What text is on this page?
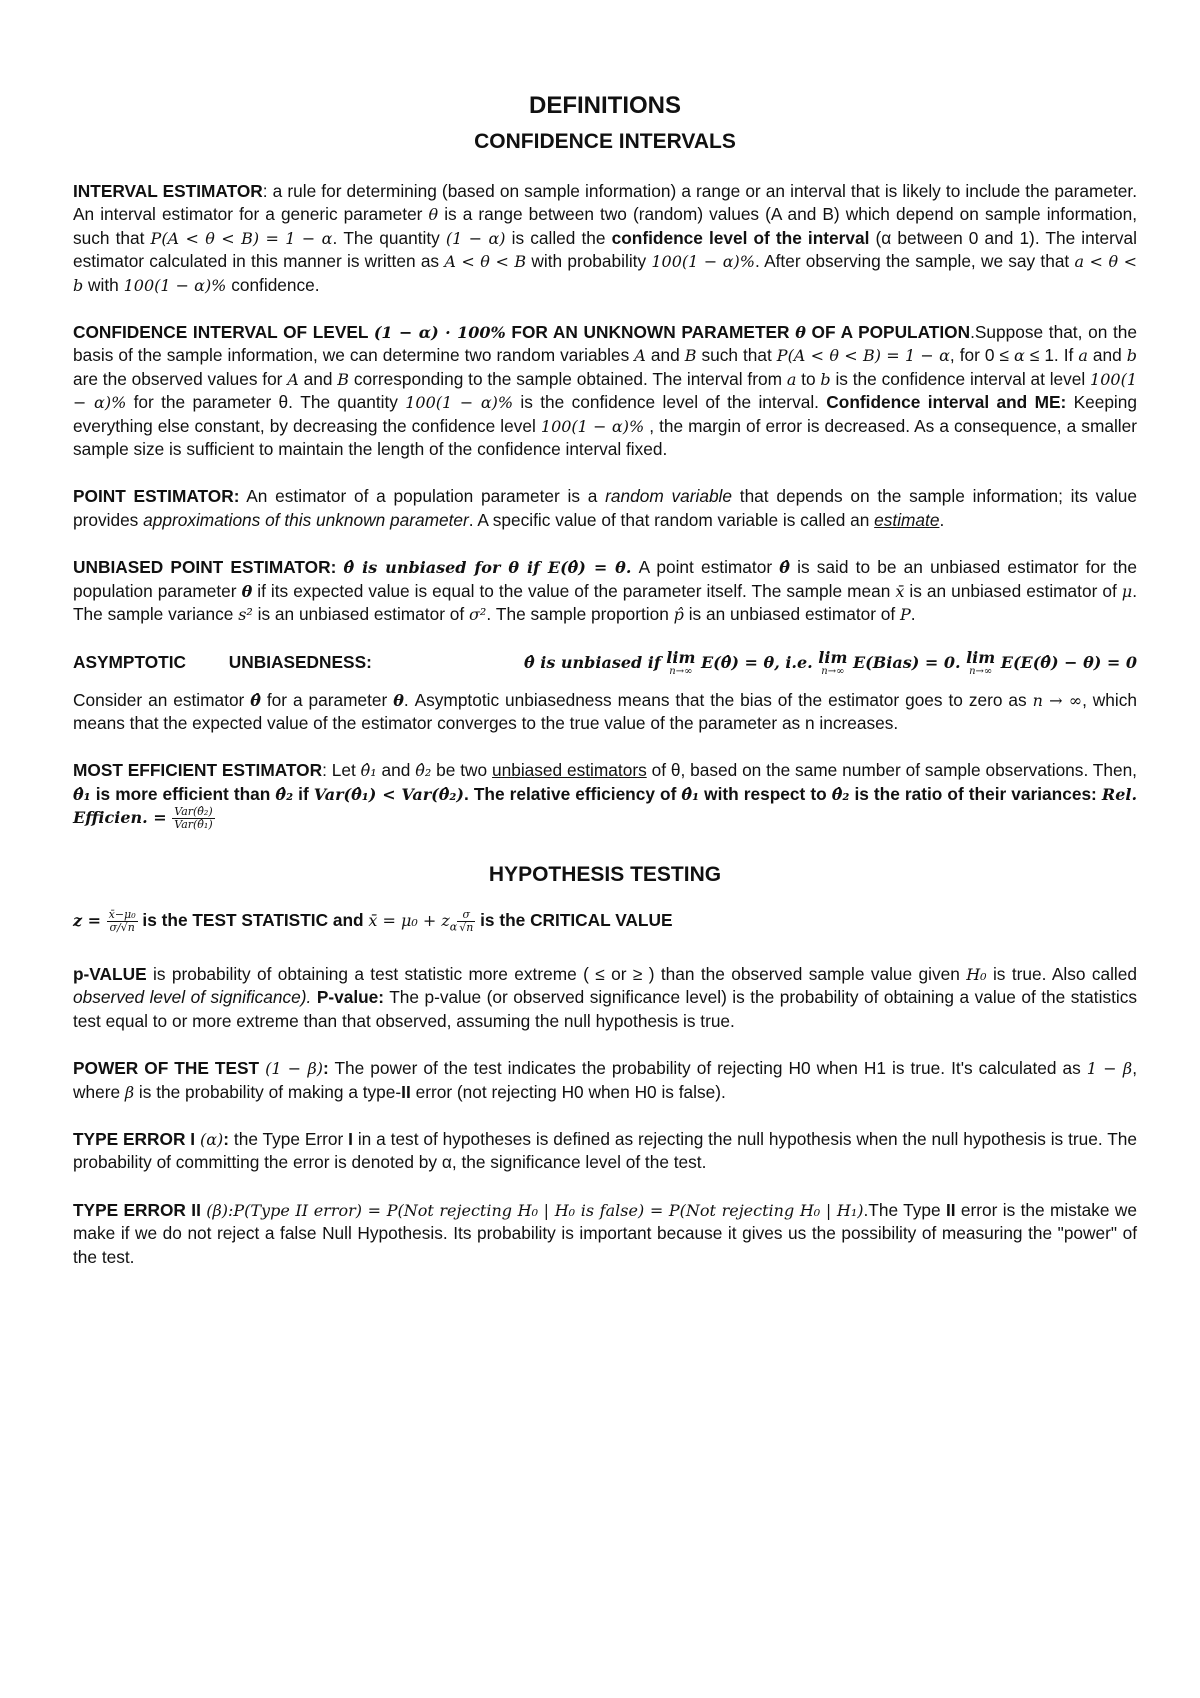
DEFINITIONS
CONFIDENCE INTERVALS

INTERVAL ESTIMATOR: a rule for determining (based on sample information) a range or an interval that is likely to include the parameter. An interval estimator for a generic parameter θ is a range between two (random) values (A and B) which depend on sample information, such that P(A < θ < B) = 1 − α. The quantity (1 − α) is called the confidence level of the interval (α between 0 and 1). The interval estimator calculated in this manner is written as A < θ < B with probability 100(1 − α)%. After observing the sample, we say that a < θ < b with 100(1 − α)% confidence.

CONFIDENCE INTERVAL OF LEVEL (1 − α) · 100% FOR AN UNKNOWN PARAMETER θ OF A POPULATION.Suppose that, on the basis of the sample information, we can determine two random variables A and B such that P(A < θ < B) = 1 − α, for 0 ≤ α ≤ 1. If a and b are the observed values for A and B corresponding to the sample obtained. The interval from a to b is the confidence interval at level 100(1 − α)% for the parameter θ. The quantity 100(1 − α)% is the confidence level of the interval. Confidence interval and ME: Keeping everything else constant, by decreasing the confidence level 100(1 − α)% , the margin of error is decreased. As a consequence, a smaller sample size is sufficient to maintain the length of the confidence interval fixed.

POINT ESTIMATOR: An estimator of a population parameter is a random variable that depends on the sample information; its value provides approximations of this unknown parameter. A specific value of that random variable is called an estimate.

UNBIASED POINT ESTIMATOR: θ̂ is unbiased for θ if E(θ̂) = θ. A point estimator θ̂ is said to be an unbiased estimator for the population parameter θ if its expected value is equal to the value of the parameter itself. The sample mean x̄ is an unbiased estimator of μ. The sample variance s² is an unbiased estimator of σ². The sample proportion p̂ is an unbiased estimator of P.

ASYMPTOTIC UNBIASEDNESS:	θ̂ is unbiased if lim
n→∞ E(θ̂) = θ, i.e. lim
n→∞ E(Bias) = 0. lim
n→∞ E(E(θ̂) − θ) = 0
Consider an estimator θ̂ for a parameter θ. Asymptotic unbiasedness means that the bias of the estimator goes to zero as n → ∞, which means that the expected value of the estimator converges to the true value of the parameter as n increases.

MOST EFFICIENT ESTIMATOR: Let θ̂₁ and θ̂₂ be two unbiased estimators of θ, based on the same number of sample observations. Then, θ̂₁ is more efficient than θ̂₂ if Var(θ̂₁) < Var(θ̂₂). The relative efficiency of θ̂₁ with respect to θ̂₂ is the ratio of their variances: Rel. Efficien. = $\frac{\text{Var(θ̂₂)}}{\text{Var(θ̂₁)}}$

HYPOTHESIS TESTING

$z = \frac{\text{x̄−μ₀}}{\sigma/√n}$ is the TEST STATISTIC and x̄ = $\mu_0 + z_\alpha \frac{\sigma}{√n}$ is the CRITICAL VALUE

p-VALUE is probability of obtaining a test statistic more extreme ( ≤ or ≥ ) than the observed sample value given H₀ is true. Also called observed level of significance). P-value: The p-value (or observed significance level) is the probability of obtaining a value of the statistics test equal to or more extreme than that observed, assuming the null hypothesis is true.

POWER OF THE TEST (1 − β): The power of the test indicates the probability of rejecting H0 when H1 is true. It's calculated as 1 − β, where β is the probability of making a type-II error (not rejecting H0 when H0 is false).

TYPE ERROR I (α): the Type Error I in a test of hypotheses is defined as rejecting the null hypothesis when the null hypothesis is true. The probability of committing the error is denoted by α, the significance level of the test.

TYPE ERROR II (β):P(Type II error) = P(Not rejecting H₀ | H₀ is false) = P(Not rejecting H₀ | H₁).The Type II error is the mistake we make if we do not reject a false Null Hypothesis. Its probability is important because it gives us the possibility of measuring the "power" of the test.
